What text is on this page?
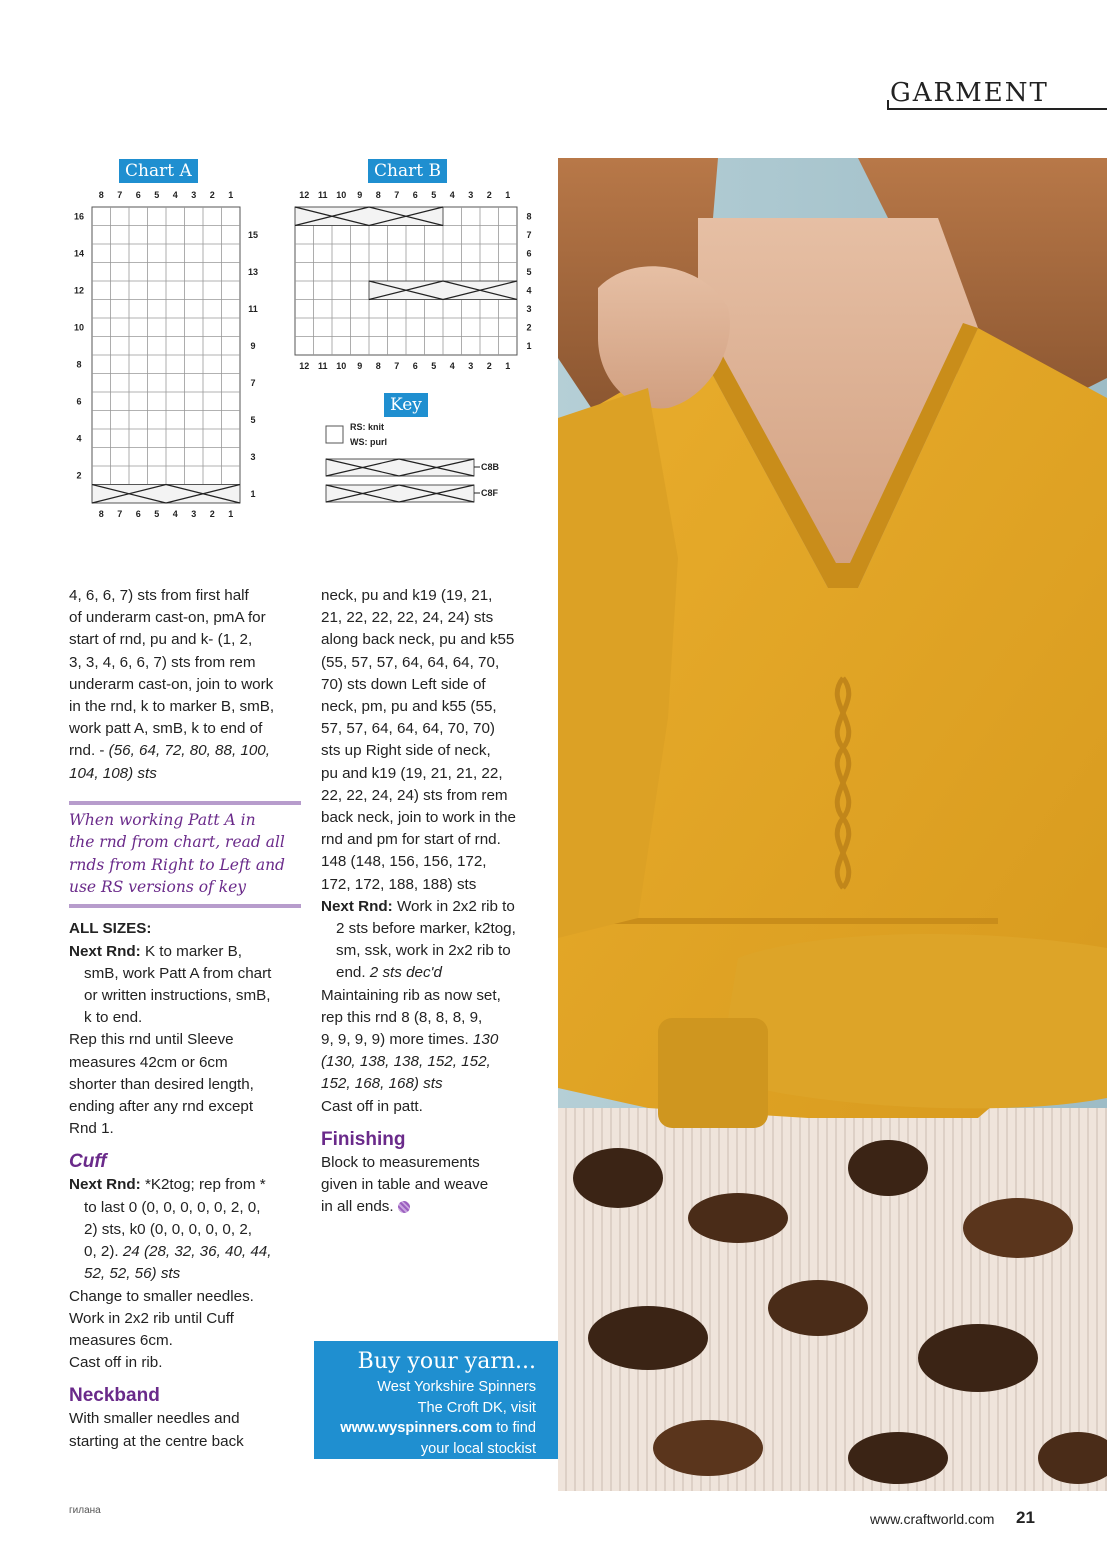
GARMENT
Chart A
8 7 6 5 4 3 2 1
8 7 6 5 4 3 2 1
16
14
12
10
8
6
4
2
15
13
11
9
7
5
3
1
Chart B
12 11 10 9 8 7 6 5 4 3 2 1
12 11 10 9 8 7 6 5 4 3 2 1
8
7
6
5
4
3
2
1
Key
RS: knit
WS: purl
C8B
C8F
4, 6, 6, 7) sts from first half
of underarm cast-on, pmA for
start of rnd, pu and k- (1, 2,
3, 3, 4, 6, 6, 7) sts from rem
underarm cast-on, join to work
in the rnd, k to marker B, smB,
work patt A, smB, k to end of
rnd. - (56, 64, 72, 80, 88, 100,
104, 108) sts
When working Patt A in
the rnd from chart, read all
rnds from Right to Left and
use RS versions of key
ALL SIZES:
Next Rnd: K to marker B,
smB, work Patt A from chart
or written instructions, smB,
k to end.
Rep this rnd until Sleeve
measures 42cm or 6cm
shorter than desired length,
ending after any rnd except
Rnd 1.
Cuff
Next Rnd: *K2tog; rep from *
to last 0 (0, 0, 0, 0, 0, 2, 0,
2) sts, k0 (0, 0, 0, 0, 0, 2,
0, 2). 24 (28, 32, 36, 40, 44,
52, 52, 56) sts
Change to smaller needles.
Work in 2x2 rib until Cuff
measures 6cm.
Cast off in rib.
Neckband
With smaller needles and
starting at the centre back
neck, pu and k19 (19, 21,
21, 22, 22, 22, 24, 24) sts
along back neck, pu and k55
(55, 57, 57, 64, 64, 64, 70,
70) sts down Left side of
neck, pm, pu and k55 (55,
57, 57, 64, 64, 64, 70, 70)
sts up Right side of neck,
pu and k19 (19, 21, 21, 22,
22, 22, 24, 24) sts from rem
back neck, join to work in the
rnd and pm for start of rnd.
148 (148, 156, 156, 172,
172, 172, 188, 188) sts
Next Rnd: Work in 2x2 rib to
2 sts before marker, k2tog,
sm, ssk, work in 2x2 rib to
end. 2 sts dec'd
Maintaining rib as now set,
rep this rnd 8 (8, 8, 8, 9,
9, 9, 9, 9) more times. 130
(130, 138, 138, 152, 152,
152, 168, 168) sts
Cast off in patt.
Finishing
Block to measurements
given in table and weave
in all ends.
Buy your yarn...
West Yorkshire Spinners
The Croft DK, visit
www.wyspinners.com to find
your local stockist
гилана
www.craftworld.com 21
